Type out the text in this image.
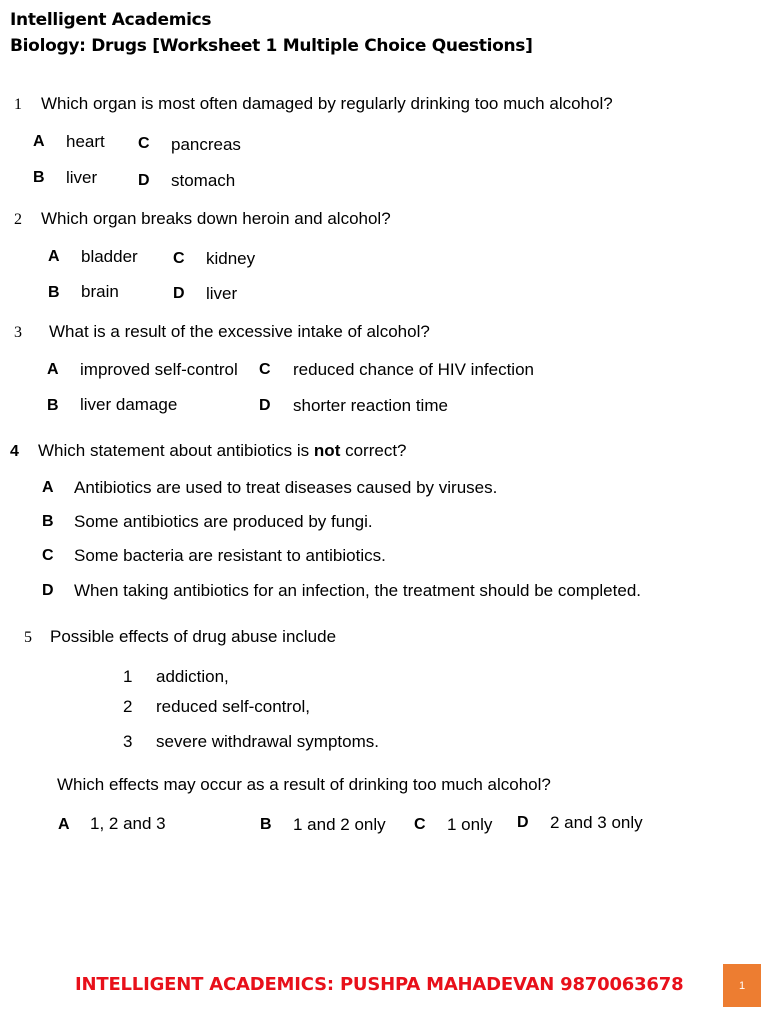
Intelligent Academics
Biology: Drugs [Worksheet 1 Multiple Choice Questions]
1 Which organ is most often damaged by regularly drinking too much alcohol?
A heart C pancreas
B liver	D stomach
2 Which organ breaks down heroin and alcohol?
A bladder C kidney
B brain	D liver
3 What is a result of the excessive intake of alcohol?
A improved self-control C reduced chance of HIV infection
B liver damage	D shorter reaction time
4 Which statement about antibiotics is not correct?
A Antibiotics are used to treat diseases caused by viruses.
B Some antibiotics are produced by fungi.
C Some bacteria are resistant to antibiotics.
D When taking antibiotics for an infection, the treatment should be completed.
5 Possible effects of drug abuse include
1 addiction,
2 reduced self-control,
3 severe withdrawal symptoms.
Which effects may occur as a result of drinking too much alcohol?
A 1, 2 and 3	B 1 and 2 only C 1 only D 2 and 3 only
INTELLIGENT ACADEMICS: PUSHPA MAHADEVAN 9870063678	1
